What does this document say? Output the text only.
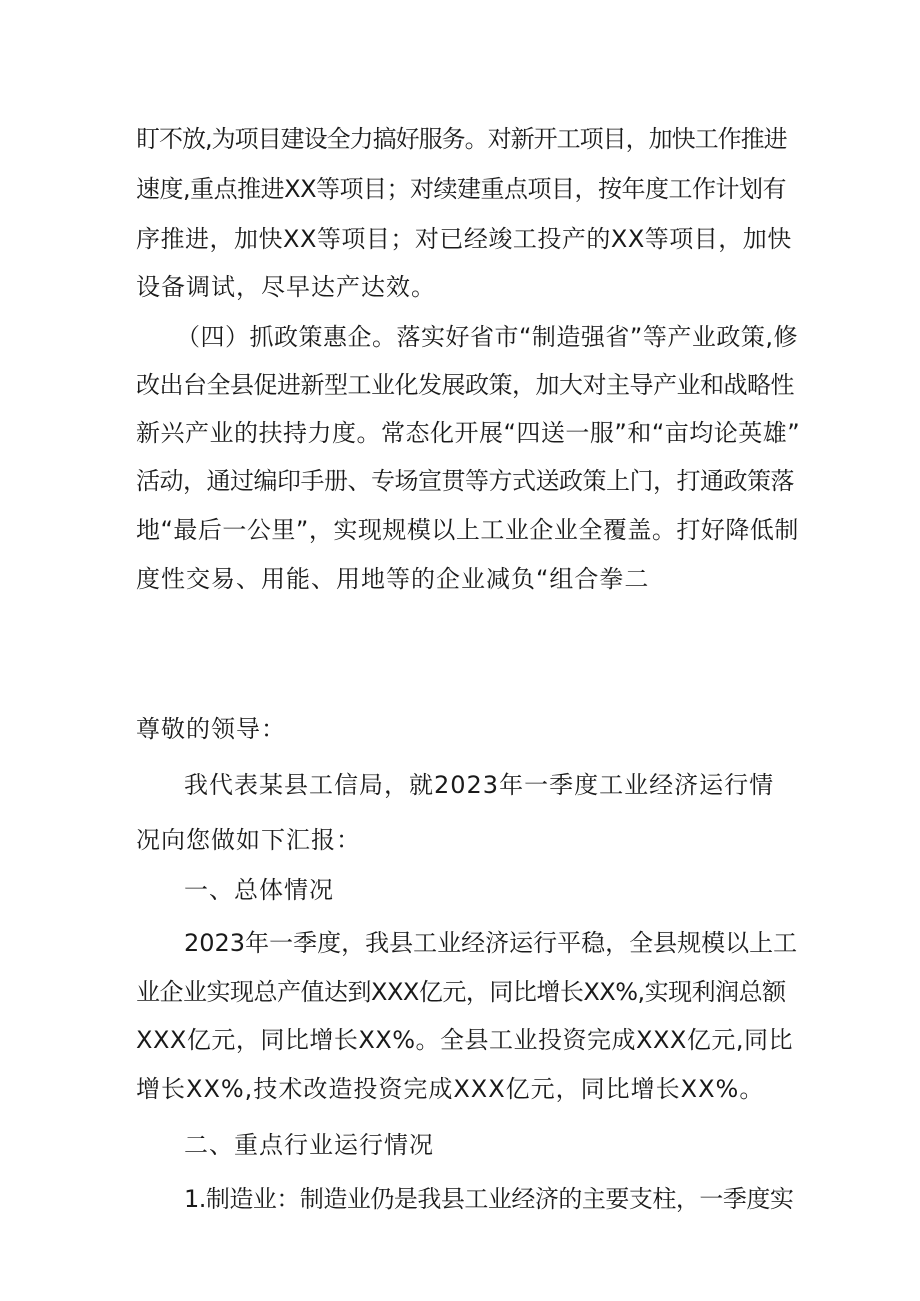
盯不放,为项目建设全力搞好服务。对新开工项目，加快工作推进
速度,重点推进XX等项目；对续建重点项目，按年度工作计划有
序推进，加快XX等项目；对已经竣工投产的XX等项目，加快
设备调试，尽早达产达效。
（四）抓政策惠企。落实好省市“制造强省”等产业政策,修
改出台全县促进新型工业化发展政策，加大对主导产业和战略性
新兴产业的扶持力度。常态化开展“四送一服”和“亩均论英雄”
活动，通过编印手册、专场宣贯等方式送政策上门，打通政策落
地“最后一公里”，实现规模以上工业企业全覆盖。打好降低制
度性交易、用能、用地等的企业减负“组合拳二
尊敬的领导：
我代表某县工信局，就2023年一季度工业经济运行情
况向您做如下汇报：
一、总体情况
2023年一季度，我县工业经济运行平稳，全县规模以上工
业企业实现总产值达到XXX亿元，同比增长XX%,实现利润总额
XXX亿元，同比增长XX%。全县工业投资完成XXX亿元,同比
增长XX%,技术改造投资完成XXX亿元，同比增长XX%。
二、重点行业运行情况
1.制造业：制造业仍是我县工业经济的主要支柱，一季度实
